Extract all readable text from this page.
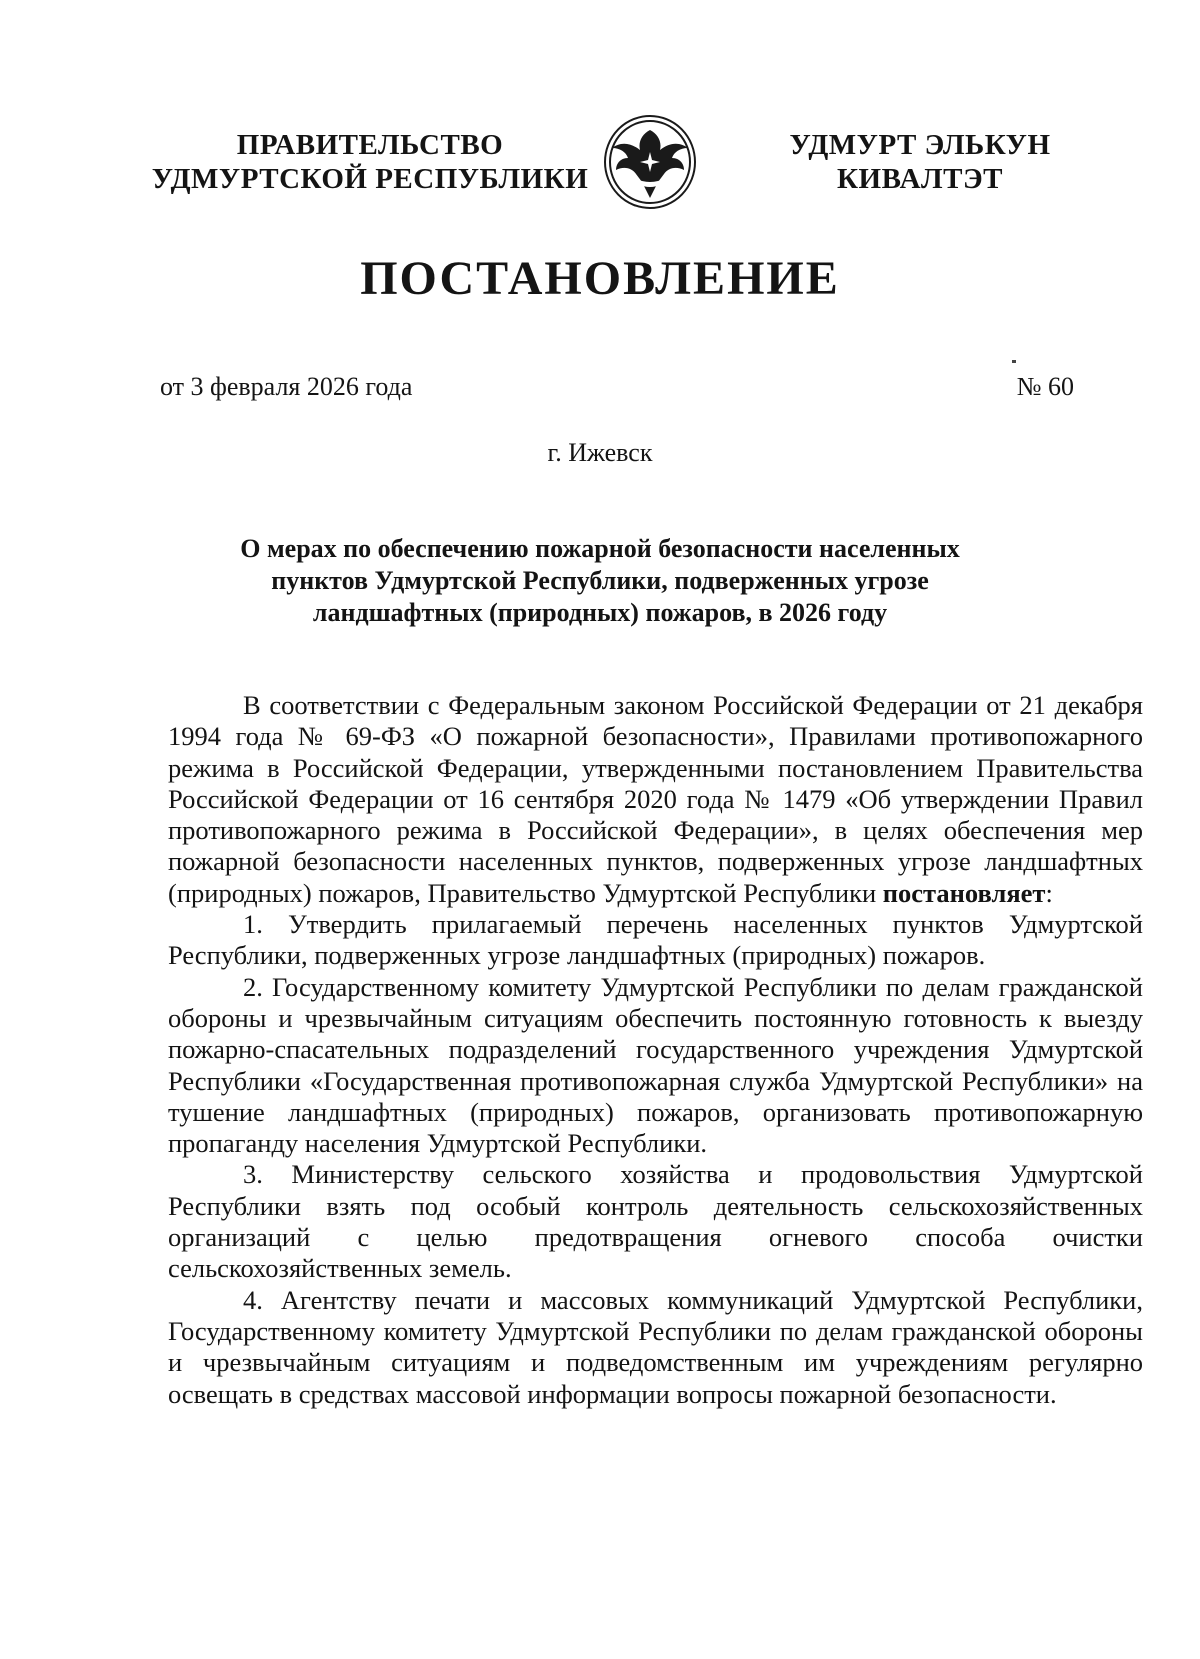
ПРАВИТЕЛЬСТВО
УДМУРТСКОЙ РЕСПУБЛИКИ
УДМУРТ ЭЛЬКУН
КИВАЛТЭТ
ПОСТАНОВЛЕНИЕ
от 3 февраля 2026 года	№ 60
г. Ижевск
О мерах по обеспечению пожарной безопасности населенных
пунктов Удмуртской Республики, подверженных угрозе
ландшафтных (природных) пожаров, в 2026 году

В соответствии с Федеральным законом Российской Федерации от 21 декабря 1994 года № 69-ФЗ «О пожарной безопасности», Правилами противопожарного режима в Российской Федерации, утвержденными постановлением Правительства Российской Федерации от 16 сентября 2020 года № 1479 «Об утверждении Правил противопожарного режима в Российской Федерации», в целях обеспечения мер пожарной безопасности населенных пунктов, подверженных угрозе ландшафтных (природных) пожаров, Правительство Удмуртской Республики постановляет:

1. Утвердить прилагаемый перечень населенных пунктов Удмуртской Республики, подверженных угрозе ландшафтных (природных) пожаров.

2. Государственному комитету Удмуртской Республики по делам гражданской обороны и чрезвычайным ситуациям обеспечить постоянную готовность к выезду пожарно-спасательных подразделений государственного учреждения Удмуртской Республики «Государственная противопожарная служба Удмуртской Республики» на тушение ландшафтных (природных) пожаров, организовать противопожарную пропаганду населения Удмуртской Республики.

3. Министерству сельского хозяйства и продовольствия Удмуртской Республики взять под особый контроль деятельность сельскохозяйственных организаций с целью предотвращения огневого способа очистки сельскохозяйственных земель.

4. Агентству печати и массовых коммуникаций Удмуртской Республики, Государственному комитету Удмуртской Республики по делам гражданской обороны и чрезвычайным ситуациям и подведомственным им учреждениям регулярно освещать в средствах массовой информации вопросы пожарной безопасности.
